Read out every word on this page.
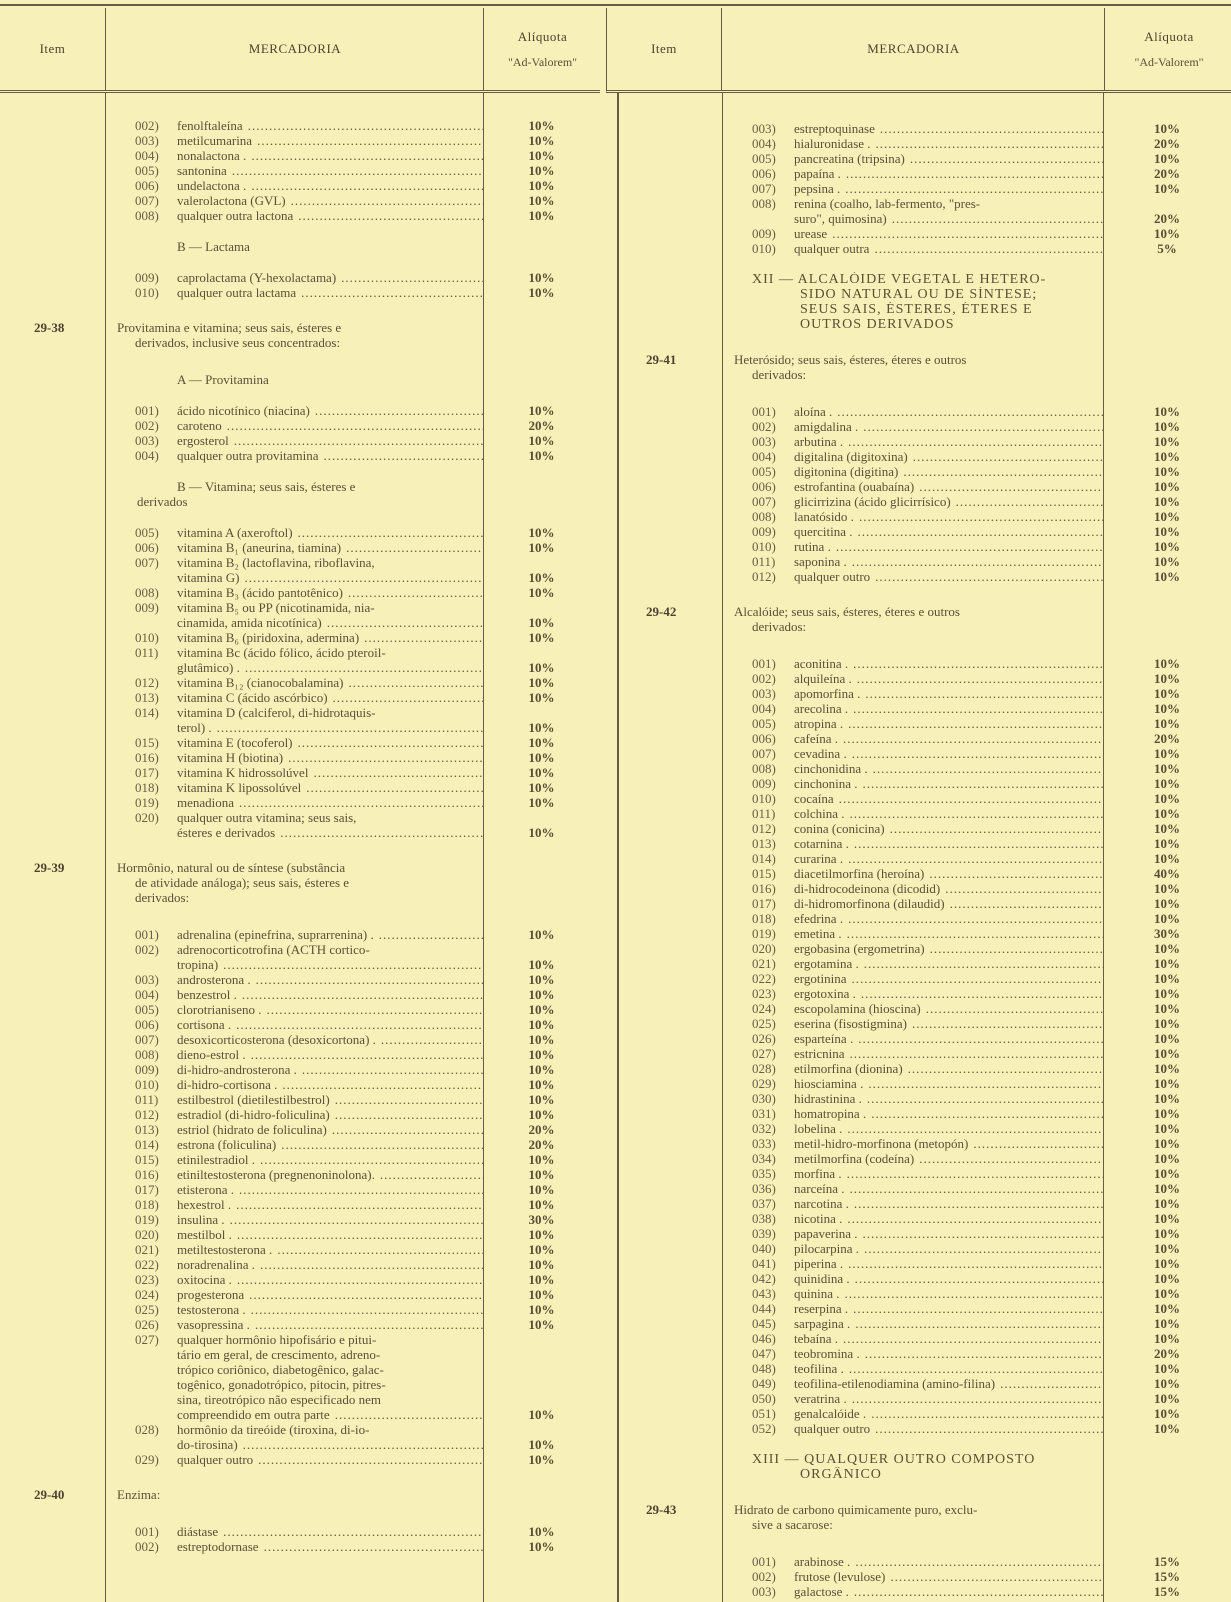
Item	MERCADORIA
Alíquota
"Ad-Valorem"
Item	MERCADORIA
Alíquota
"Ad-Valorem"
002)	fenolftaleína .....	10%
003)	metilcumarina .....	10%
004)	nonalactona . .....	10%
005)	santonina .....	10%
006)	undelactona . .....	10%
007)	valerolactona (GVL) .....	10%
008)	qualquer outra lactona .....	10%
B — Lactama
009)	caprolactama (Y-hexolactama) .....	10%
010)	qualquer outra lactama .....	10%
29-38	Provitamina e vitamina; seus sais, ésteres e
derivados, inclusive seus concentrados:
A — Provitamina
001)	ácido nicotínico (niacina) .....	10%
002)	caroteno .....	20%
003)	ergosterol .....	10%
004)	qualquer outra provitamina .....	10%
B — Vitamina; seus sais, ésteres e
derivados
005)	vitamina A (axeroftol) .....	10%
006)	vitamina B₁ (aneurina, tiamina) .....	10%
007)	vitamina B₂ (lactoflavina, riboflavina,
vitamina G) .....	10%
008)	vitamina B₃ (ácido pantotênico) .....	10%
009)	vitamina B₅ ou PP (nicotinamida, nia-
cinamida, amida nicotínica) .....	10%
010)	vitamina B₆ (piridoxina, adermina) .....	10%
011)	vitamina Bc (ácido fólico, ácido pteroil-
glutâmico) . .....	10%
012)	vitamina B₁₂ (cianocobalamina) .....	10%
013)	vitamina C (ácido ascórbico) .....	10%
014)	vitamina D (calciferol, di-hidrotaquis-
terol) . .....	10%
015)	vitamina E (tocoferol) .....	10%
016)	vitamina H (biotina) .....	10%
017)	vitamina K hidrossolúvel .....	10%
018)	vitamina K lipossolúvel .....	10%
019)	menadiona .....	10%
020)	qualquer outra vitamina; seus sais,
ésteres e derivados .....	10%
29-39	Hormônio, natural ou de síntese (substância
de atividade análoga); seus sais, ésteres e
derivados:
001)	adrenalina (epinefrina, suprarrenina) . .....	10%
002)	adrenocorticotrofina (ACTH cortico-
tropina) .....	10%
003)	androsterona . .....	10%
004)	benzestrol . .....	10%
005)	clorotrianiseno . .....	10%
006)	cortisona . .....	10%
007)	desoxicorticosterona (desoxicortona) . .....	10%
008)	dieno-estrol . .....	10%
009)	di-hidro-androsterona . .....	10%
010)	di-hidro-cortisona . .....	10%
011)	estilbestrol (dietilestilbestrol) .....	10%
012)	estradiol (di-hidro-foliculina) .....	10%
013)	estriol (hidrato de foliculina) .....	20%
014)	estrona (foliculina) .....	20%
015)	etinilestradiol . .....	10%
016)	etiniltestosterona (pregnenoninolona). .....	10%
017)	etisterona . .....	10%
018)	hexestrol . .....	10%
019)	insulina . .....	30%
020)	mestilbol . .....	10%
021)	metiltestosterona . .....	10%
022)	noradrenalina . .....	10%
023)	oxitocina . .....	10%
024)	progesterona .....	10%
025)	testosterona . .....	10%
026)	vasopressina . .....	10%
027)	qualquer hormônio hipofisário e pitui-
tário em geral, de crescimento, adreno-
trópico coriônico, diabetogênico, galac-
togênico, gonadotrópico, pitocin, pitres-
sina, tireotrópico não especificado nem
compreendido em outra parte .....	10%
028)	hormônio da tireóide (tiroxina, di-io-
do-tirosina) .....	10%
029)	qualquer outro .....	10%
29-40	Enzima:
001)	diástase .....	10%
002)	estreptodornase .....	10%
003)	estreptoquinase .....	10%
004)	hialuronidase . .....	20%
005)	pancreatina (tripsina) .....	10%
006)	papaína . .....	20%
007)	pepsina . .....	10%
008)	renina (coalho, lab-fermento, "pres-
suro", quimosina) .....	20%
009)	urease .....	10%
010)	qualquer outra .....	5%
XII — ALCALÓIDE VEGETAL E HETERO-
SIDO NATURAL OU DE SÍNTESE;
SEUS SAIS, ÉSTERES, ÉTERES E
OUTROS DERIVADOS
29-41	Heterósido; seus sais, ésteres, éteres e outros
derivados:
001)	aloína . .....	10%
002)	amigdalina . .....	10%
003)	arbutina . .....	10%
004)	digitalina (digitoxina) .....	10%
005)	digitonina (digitina) .....	10%
006)	estrofantina (ouabaína) .....	10%
007)	glicirrizina (ácido glicirrísico) .....	10%
008)	lanatósido . .....	10%
009)	quercitina . .....	10%
010)	rutina . .....	10%
011)	saponina . .....	10%
012)	qualquer outro .....	10%
29-42	Alcalóide; seus sais, ésteres, éteres e outros
derivados:
001)	aconitina . .....	10%
002)	alquileína . .....	10%
003)	apomorfina . .....	10%
004)	arecolina . .....	10%
005)	atropina . .....	10%
006)	cafeína . .....	20%
007)	cevadina . .....	10%
008)	cinchonidina . .....	10%
009)	cinchonina . .....	10%
010)	cocaína .....	10%
011)	colchina . .....	10%
012)	conina (conicina) .....	10%
013)	cotarnina . .....	10%
014)	curarina . .....	10%
015)	diacetilmorfina (heroína) .....	40%
016)	di-hidrocodeinona (dicodid) .....	10%
017)	di-hidromorfinona (dilaudid) .....	10%
018)	efedrina . .....	10%
019)	emetina . .....	30%
020)	ergobasina (ergometrina) .....	10%
021)	ergotamina . .....	10%
022)	ergotinina .....	10%
023)	ergotoxina . .....	10%
024)	escopolamina (hioscina) .....	10%
025)	eserina (fisostigmina) .....	10%
026)	esparteína . .....	10%
027)	estricnina .....	10%
028)	etilmorfina (dionina) .....	10%
029)	hiosciamina . .....	10%
030)	hidrastinina . .....	10%
031)	homatropina . .....	10%
032)	lobelina . .....	10%
033)	metil-hidro-morfinona (metopón) .....	10%
034)	metilmorfina (codeína) .....	10%
035)	morfina . .....	10%
036)	narceína . .....	10%
037)	narcotina . .....	10%
038)	nicotina . .....	10%
039)	papaverina . .....	10%
040)	pilocarpina . .....	10%
041)	piperina . .....	10%
042)	quinidina . .....	10%
043)	quinina . .....	10%
044)	reserpina . .....	10%
045)	sarpagina . .....	10%
046)	tebaína . .....	10%
047)	teobromina . .....	20%
048)	teofilina . .....	10%
049)	teofilina-etilenodiamina (amino-filina) .....	10%
050)	veratrina . .....	10%
051)	genalcalóide . .....	10%
052)	qualquer outro .....	10%
XIII — QUALQUER OUTRO COMPOSTO
ORGÂNICO
29-43	Hidrato de carbono quimicamente puro, exclu-
sive a sacarose:
001)	arabinose . .....	15%
002)	frutose (levulose) .....	15%
003)	galactose . .....	15%
